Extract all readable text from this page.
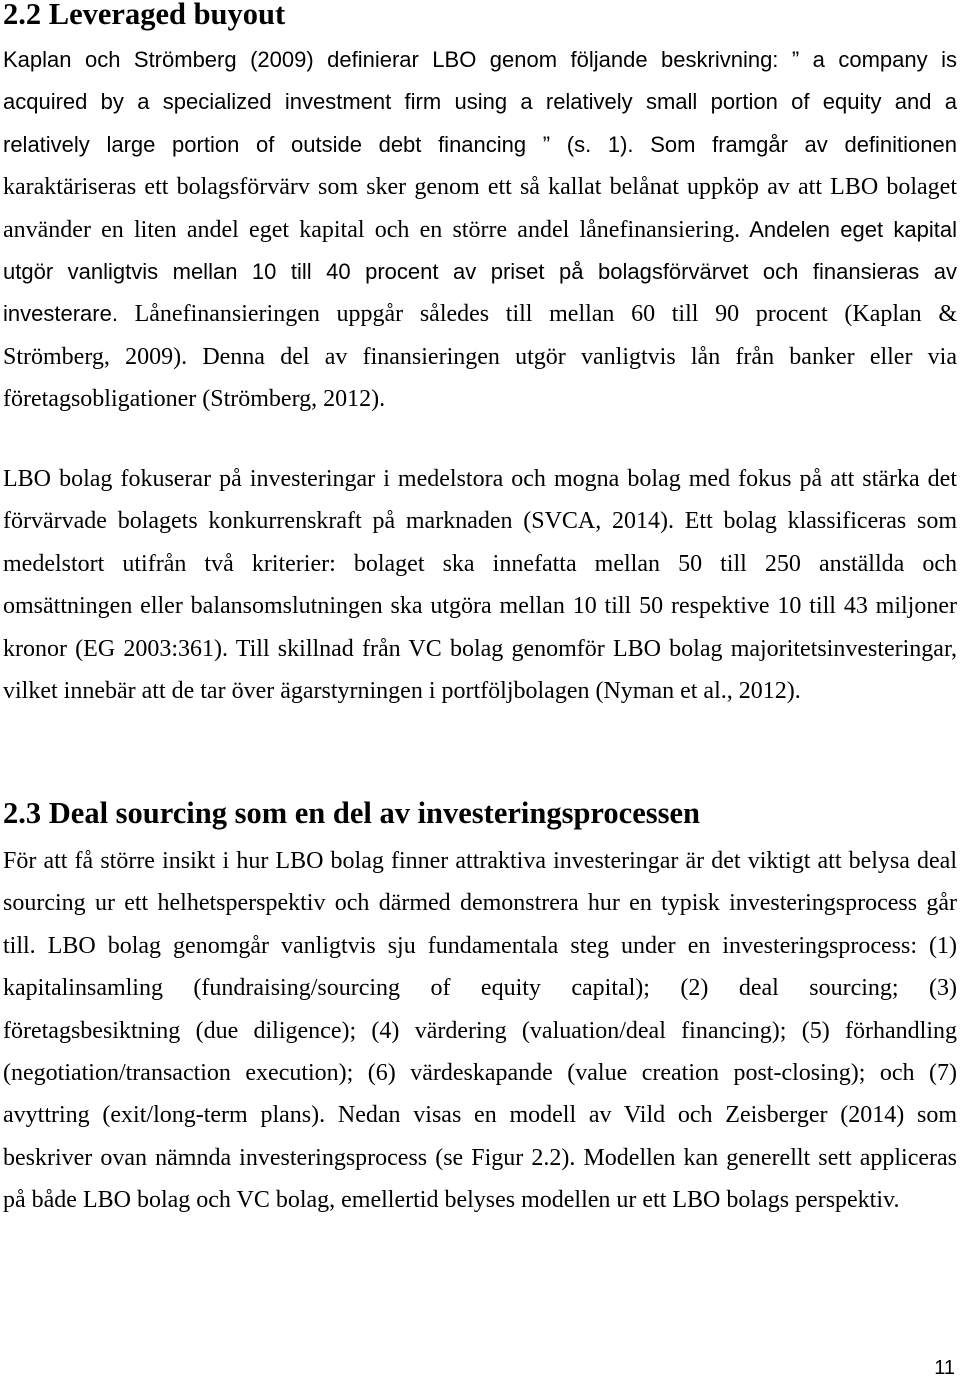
2.2 Leveraged buyout
Kaplan och Strömberg (2009) definierar LBO genom följande beskrivning: ” a company is
acquired by a specialized investment firm using a relatively small portion of equity and a
relatively large portion of outside debt financing ” (s. 1). Som framgår av definitionen
karaktäriseras ett bolagsförvärv som sker genom ett så kallat belånat uppköp av att LBO bolaget
använder en liten andel eget kapital och en större andel lånefinansiering. Andelen eget kapital
utgör vanligtvis mellan 10 till 40 procent av priset på bolagsförvärvet och finansieras av
investerare. Lånefinansieringen uppgår således till mellan 60 till 90 procent (Kaplan &
Strömberg, 2009). Denna del av finansieringen utgör vanligtvis lån från banker eller via
företagsobligationer (Strömberg, 2012).
LBO bolag fokuserar på investeringar i medelstora och mogna bolag med fokus på att stärka det
förvärvade bolagets konkurrenskraft på marknaden (SVCA, 2014). Ett bolag klassificeras som
medelstort utifrån två kriterier: bolaget ska innefatta mellan 50 till 250 anställda och
omsättningen eller balansomslutningen ska utgöra mellan 10 till 50 respektive 10 till 43 miljoner
kronor (EG 2003:361). Till skillnad från VC bolag genomför LBO bolag majoritetsinvesteringar,
vilket innebär att de tar över ägarstyrningen i portföljbolagen (Nyman et al., 2012).
2.3 Deal sourcing som en del av investeringsprocessen
För att få större insikt i hur LBO bolag finner attraktiva investeringar är det viktigt att belysa deal
sourcing ur ett helhetsperspektiv och därmed demonstrera hur en typisk investeringsprocess går
till. LBO bolag genomgår vanligtvis sju fundamentala steg under en investeringsprocess: (1)
kapitalinsamling (fundraising/sourcing of equity capital); (2) deal sourcing; (3)
företagsbesiktning (due diligence); (4) värdering (valuation/deal financing); (5) förhandling
(negotiation/transaction execution); (6) värdeskapande (value creation post-closing); och (7)
avyttring (exit/long-term plans). Nedan visas en modell av Vild och Zeisberger (2014) som
beskriver ovan nämnda investeringsprocess (se Figur 2.2). Modellen kan generellt sett appliceras
på både LBO bolag och VC bolag, emellertid belyses modellen ur ett LBO bolags perspektiv.
11
